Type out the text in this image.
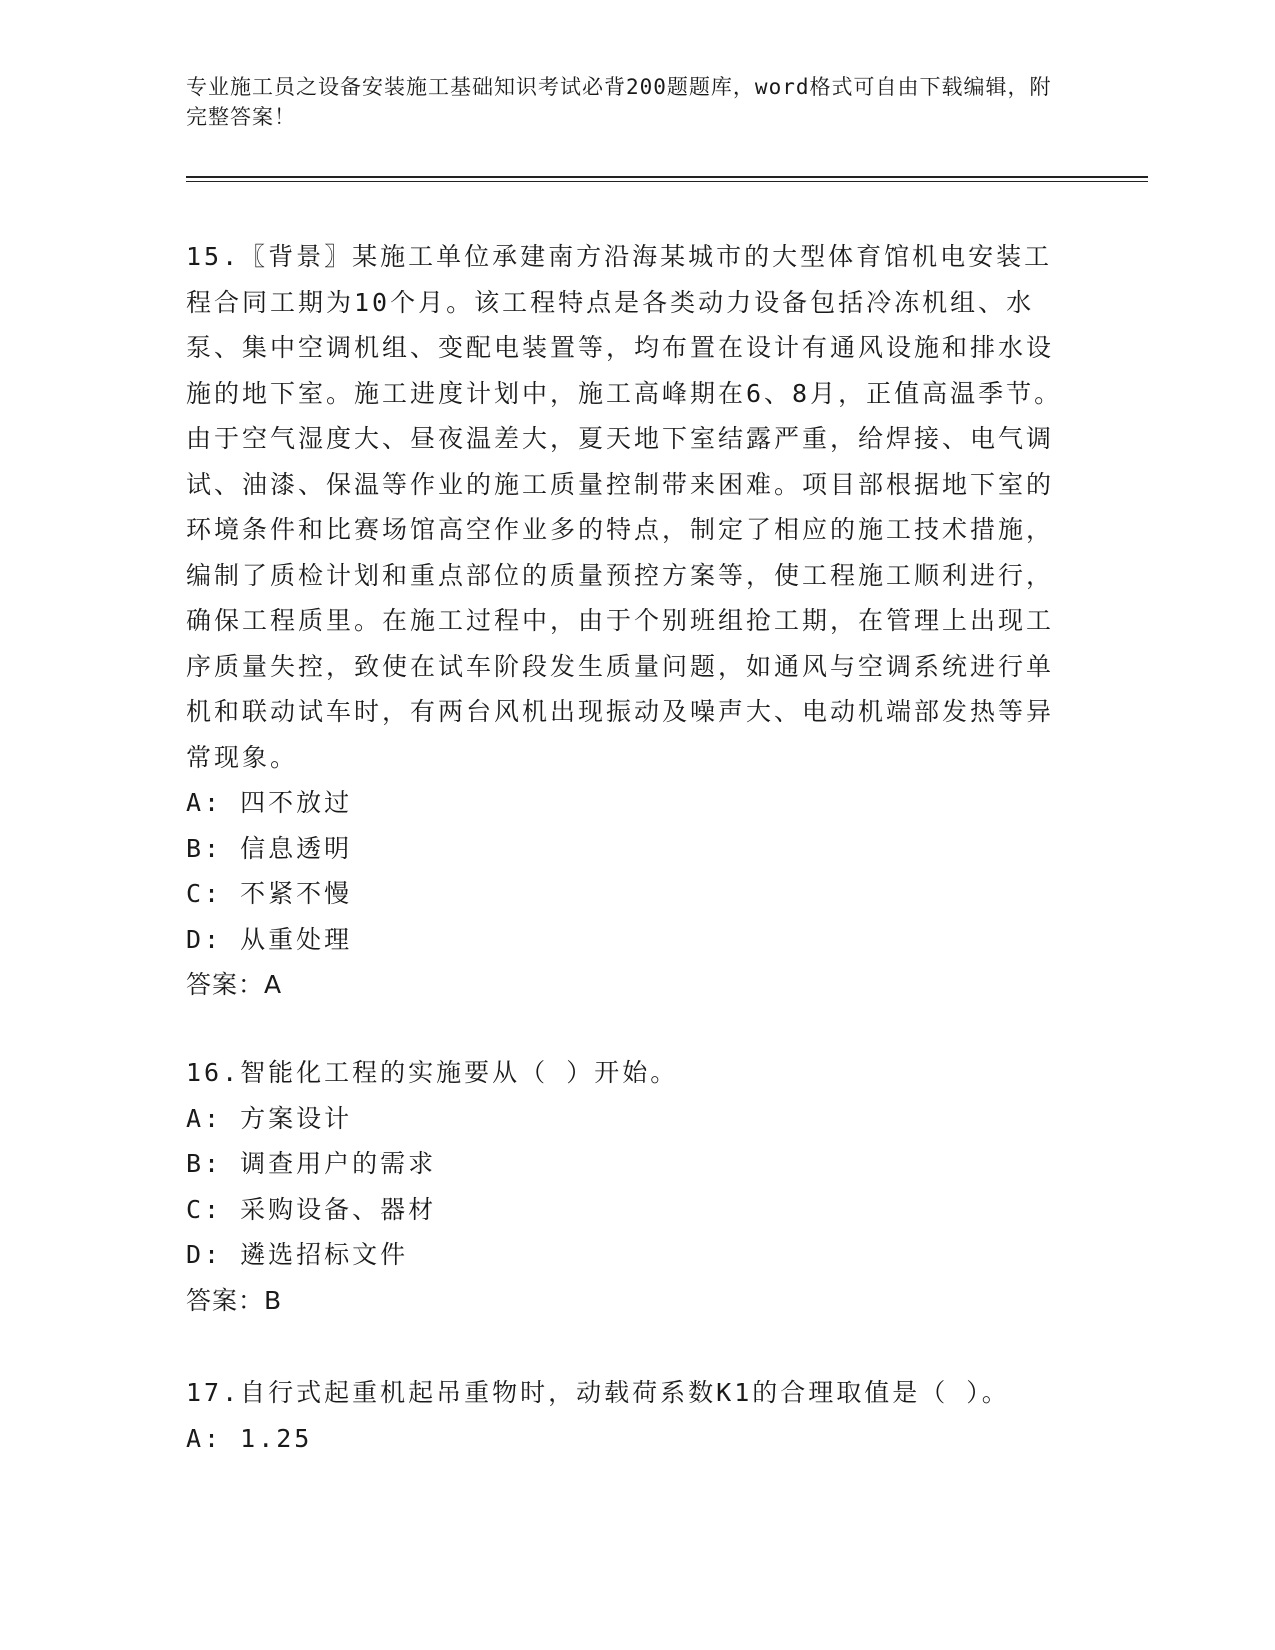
专业施工员之设备安装施工基础知识考试必背200题题库，word格式可自由下载编辑，附完整答案！
15.〖背景〗某施工单位承建南方沿海某城市的大型体育馆机电安装工程合同工期为10个月。该工程特点是各类动力设备包括冷冻机组、水泵、集中空调机组、变配电装置等，均布置在设计有通风设施和排水设施的地下室。施工进度计划中，施工高峰期在6、8月，正值高温季节。由于空气湿度大、昼夜温差大，夏天地下室结露严重，给焊接、电气调试、油漆、保温等作业的施工质量控制带来困难。项目部根据地下室的环境条件和比赛场馆高空作业多的特点，制定了相应的施工技术措施，编制了质检计划和重点部位的质量预控方案等，使工程施工顺利进行，确保工程质里。在施工过程中，由于个别班组抢工期，在管理上出现工序质量失控，致使在试车阶段发生质量问题，如通风与空调系统进行单机和联动试车时，有两台风机出现振动及噪声大、电动机端部发热等异常现象。
A: 四不放过
B: 信息透明
C: 不紧不慢
D: 从重处理
答案：A
16.智能化工程的实施要从（ ）开始。
A: 方案设计
B: 调查用户的需求
C: 采购设备、器材
D: 遴选招标文件
答案：B
17.自行式起重机起吊重物时，动载荷系数K1的合理取值是（ ）。
A: 1.25
